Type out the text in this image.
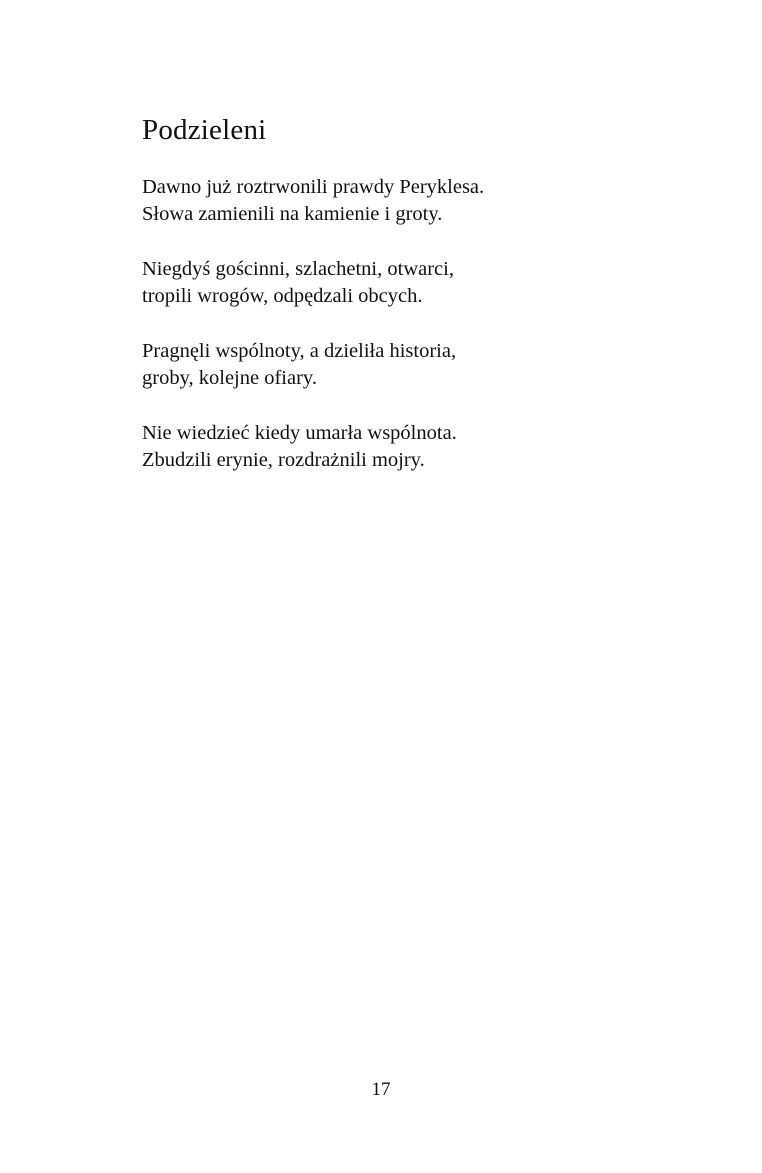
Podzieleni

Dawno już roztrwonili prawdy Peryklesa.
Słowa zamienili na kamienie i groty.

Niegdyś gościnni, szlachetni, otwarci,
tropili wrogów, odpędzali obcych.

Pragnęli wspólnoty, a dzieliła historia,
groby, kolejne ofiary.

Nie wiedzieć kiedy umarła wspólnota.
Zbudzili erynie, rozdrażnili mojry.

17
